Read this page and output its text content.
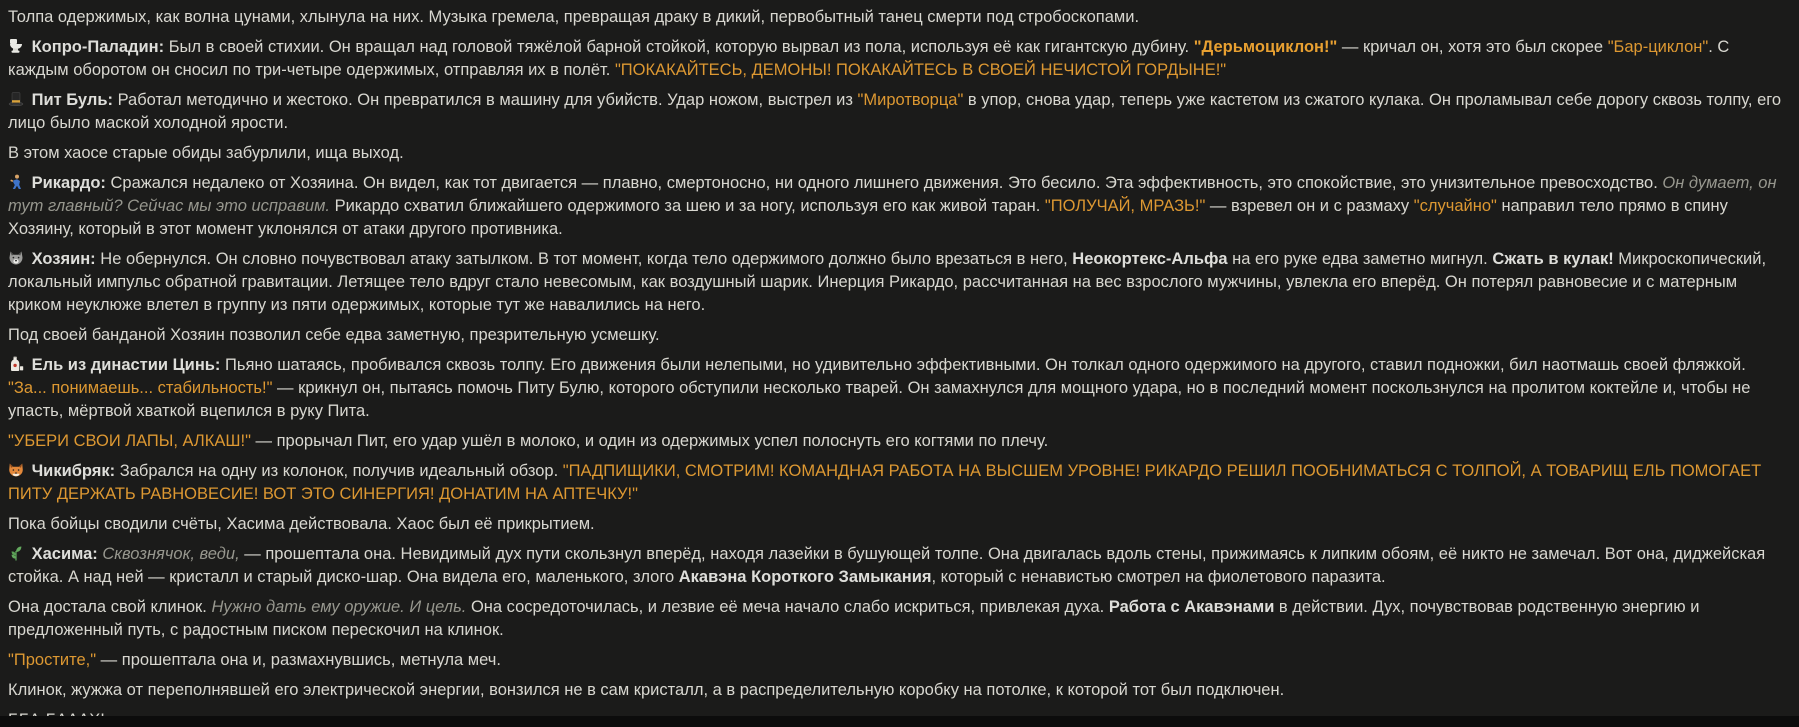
Толпа одержимых, как волна цунами, хлынула на них. Музыка гремела, превращая драку в дикий, первобытный танец смерти под стробоскопами.

Копро-Паладин: Был в своей стихии. Он вращал над головой тяжёлой барной стойкой, которую вырвал из пола, используя её как гигантскую дубину. "Дерьмоциклон!" — кричал он, хотя это был скорее "Бар-циклон". С каждым оборотом он сносил по три-четыре одержимых, отправляя их в полёт. "ПОКАКАЙТЕСЬ, ДЕМОНЫ! ПОКАКАЙТЕСЬ В СВОЕЙ НЕЧИСТОЙ ГОРДЫНЕ!"

Пит Буль: Работал методично и жестоко. Он превратился в машину для убийств. Удар ножом, выстрел из "Миротворца" в упор, снова удар, теперь уже кастетом из сжатого кулака. Он проламывал себе дорогу сквозь толпу, его лицо было маской холодной ярости.

В этом хаосе старые обиды забурлили, ища выход.

Рикардо: Сражался недалеко от Хозяина. Он видел, как тот двигается — плавно, смертоносно, ни одного лишнего движения. Это бесило. Эта эффективность, это спокойствие, это унизительное превосходство. Он думает, он тут главный? Сейчас мы это исправим. Рикардо схватил ближайшего одержимого за шею и за ногу, используя его как живой таран. "ПОЛУЧАЙ, МРАЗЬ!" — взревел он и с размаху "случайно" направил тело прямо в спину Хозяину, который в этот момент уклонялся от атаки другого противника.

Хозяин: Не обернулся. Он словно почувствовал атаку затылком. В тот момент, когда тело одержимого должно было врезаться в него, Неокортекс-Альфа на его руке едва заметно мигнул. Сжать в кулак! Микроскопический, локальный импульс обратной гравитации. Летящее тело вдруг стало невесомым, как воздушный шарик. Инерция Рикардо, рассчитанная на вес взрослого мужчины, увлекла его вперёд. Он потерял равновесие и с матерным криком неуклюже влетел в группу из пяти одержимых, которые тут же навалились на него.

Под своей банданой Хозяин позволил себе едва заметную, презрительную усмешку.

Ель из династии Цинь: Пьяно шатаясь, пробивался сквозь толпу. Его движения были нелепыми, но удивительно эффективными. Он толкал одного одержимого на другого, ставил подножки, бил наотмашь своей фляжкой. "За... понимаешь... стабильность!" — крикнул он, пытаясь помочь Питу Булю, которого обступили несколько тварей. Он замахнулся для мощного удара, но в последний момент поскользнулся на пролитом коктейле и, чтобы не упасть, мёртвой хваткой вцепился в руку Пита.

"УБЕРИ СВОИ ЛАПЫ, АЛКАШ!" — прорычал Пит, его удар ушёл в молоко, и один из одержимых успел полоснуть его когтями по плечу.

Чикибряк: Забрался на одну из колонок, получив идеальный обзор. "ПАДПИЩИКИ, СМОТРИМ! КОМАНДНАЯ РАБОТА НА ВЫСШЕМ УРОВНЕ! РИКАРДО РЕШИЛ ПООБНИМАТЬСЯ С ТОЛПОЙ, А ТОВАРИЩ ЕЛЬ ПОМОГАЕТ ПИТУ ДЕРЖАТЬ РАВНОВЕСИЕ! ВОТ ЭТО СИНЕРГИЯ! ДОНАТИМ НА АПТЕЧКУ!"

Пока бойцы сводили счёты, Хасима действовала. Хаос был её прикрытием.

Хасима: Сквознячок, веди, — прошептала она. Невидимый дух пути скользнул вперёд, находя лазейки в бушующей толпе. Она двигалась вдоль стены, прижимаясь к липким обоям, её никто не замечал. Вот она, диджейская стойка. А над ней — кристалл и старый диско-шар. Она видела его, маленького, злого Акавэна Короткого Замыкания, который с ненавистью смотрел на фиолетового паразита.

Она достала свой клинок. Нужно дать ему оружие. И цель. Она сосредоточилась, и лезвие её меча начало слабо искриться, привлекая духа. Работа с Акавэнами в действии. Дух, почувствовав родственную энергию и предложенный путь, с радостным писком перескочил на клинок.

"Простите," — прошептала она и, размахнувшись, метнула меч.

Клинок, жужжа от переполнявшей его электрической энергии, вонзился не в сам кристалл, а в распределительную коробку на потолке, к которой тот был подключен.
